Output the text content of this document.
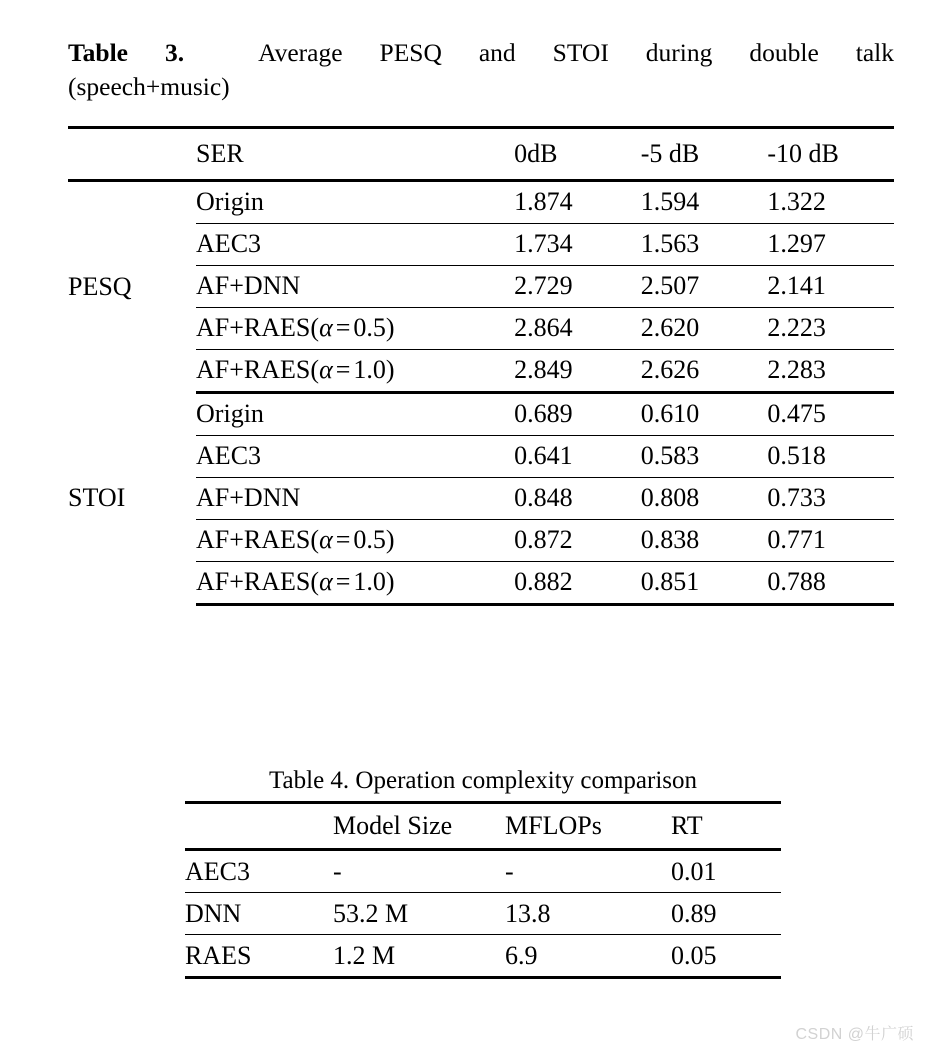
Table 3.	Average PESQ and STOI during double talk
(speech+music)

	SER	0dB	-5 dB	-10 dB
PESQ	Origin	1.874	1.594	1.322
	AEC3	1.734	1.563	1.297
	AF+DNN	2.729	2.507	2.141
	AF+RAES(α = 0.5)	2.864	2.620	2.223
	AF+RAES(α = 1.0)	2.849	2.626	2.283
STOI	Origin	0.689	0.610	0.475
	AEC3	0.641	0.583	0.518
	AF+DNN	0.848	0.808	0.733
	AF+RAES(α = 0.5)	0.872	0.838	0.771
	AF+RAES(α = 1.0)	0.882	0.851	0.788

Table 4. Operation complexity comparison

	Model Size	MFLOPs	RT
AEC3	-	-	0.01
DNN	53.2 M	13.8	0.89
RAES	1.2 M	6.9	0.05
CSDN @牛广硕
